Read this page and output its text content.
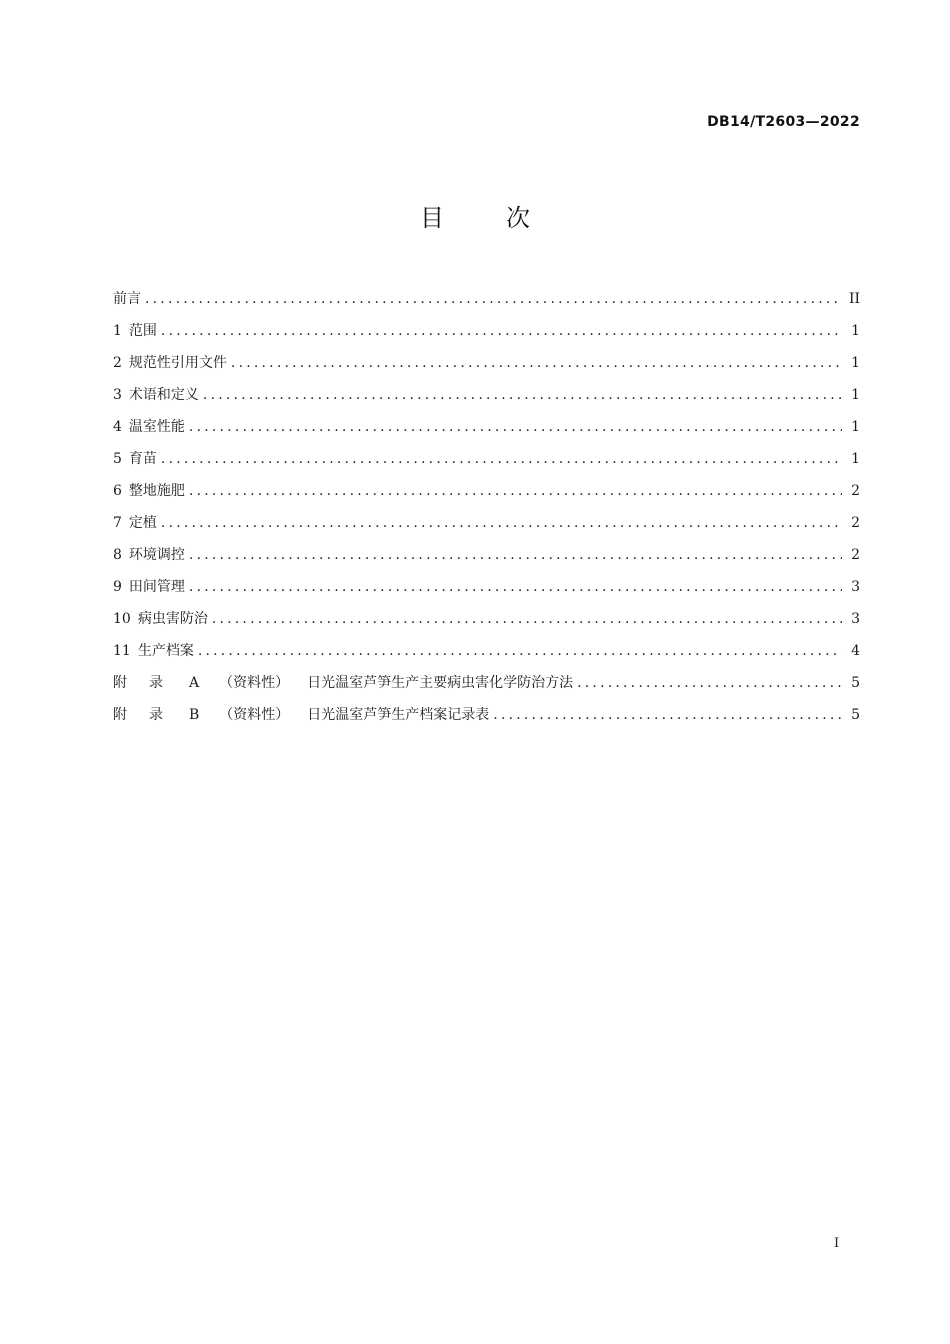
DB14/T2603—2022
目	次
前言 .....	II
1 范围 .....	1
2 规范性引用文件 .....	1
3 术语和定义 .....	1
4 温室性能 .....	1
5 育苗 .....	1
6 整地施肥 .....	2
7 定植 .....	2
8 环境调控 .....	2
9 田间管理 .....	3
10 病虫害防治 .....	3
11 生产档案 .....	4
附 录 A （资料性） 日光温室芦笋生产主要病虫害化学防治方法 .....	5
附 录 B （资料性） 日光温室芦笋生产档案记录表 .....	5
I
